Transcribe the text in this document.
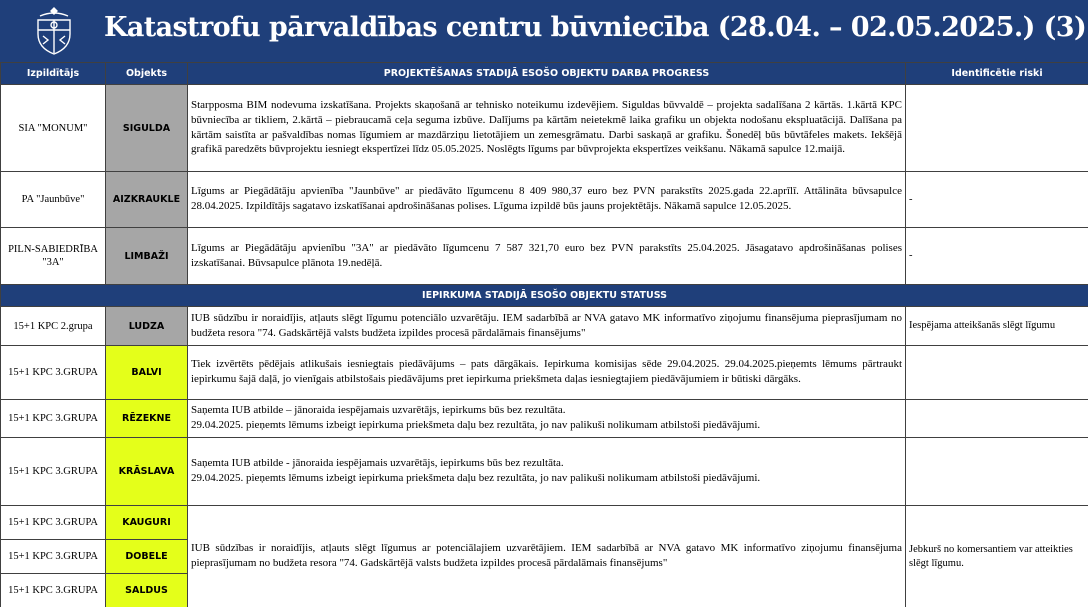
Katastrofu pārvaldības centru būvniecība (28.04. – 02.05.2025.) (3)
Izpildītājs	Objekts	PROJEKTĒŠANAS STADIJĀ ESOŠO OBJEKTU DARBA PROGRESS	Identificētie riski
SIA "MONUM"	SIGULDA	Starpposma BIM nodevuma izskatīšana. Projekts skaņošanā ar tehnisko noteikumu izdevējiem. Siguldas būvvaldē – projekta sadalīšana 2 kārtās. 1.kārtā KPC būvniecība ar tikliem, 2.kārtā – piebraucamā ceļa seguma izbūve. Dalījums pa kārtām neietekmē laika grafiku un objekta nodošanu ekspluatācijā. Dalīšana pa kārtām saistīta ar pašvaldības nomas līgumiem ar mazdārziņu lietotājiem un zemesgrāmatu. Darbi saskaņā ar grafiku. Šonedēļ būs būvtāfeles makets. Iekšējā grafikā paredzēts būvprojektu iesniegt ekspertīzei līdz 05.05.2025. Noslēgts līgums par būvprojekta ekspertīzes veikšanu. Nākamā sapulce 12.maijā.	
PA "Jaunbūve"	AIZKRAUKLE	Līgums ar Piegādātāju apvienība "Jaunbūve" ar piedāvāto līgumcenu 8 409 980,37 euro bez PVN parakstīts 2025.gada 22.aprīlī. Attālināta būvsapulce 28.04.2025. Izpildītājs sagatavo izskatīšanai apdrošināšanas polises. Līguma izpildē būs jauns projektētājs. Nākamā sapulce 12.05.2025.	-
PILN-SABIEDRĪBA "3A"	LIMBAŽI	Līgums ar Piegādātāju apvienību "3A" ar piedāvāto līgumcenu 7 587 321,70 euro bez PVN parakstīts 25.04.2025. Jāsagatavo apdrošināšanas polises izskatīšanai. Būvsapulce plānota 19.nedēļā.	-
IEPIRKUMA STADIJĀ ESOŠO OBJEKTU STATUSS			
15+1 KPC 2.grupa	LUDZA	IUB sūdzību ir noraidījis, atļauts slēgt līgumu potenciālo uzvarētāju. IEM sadarbībā ar NVA gatavo MK informatīvo ziņojumu finansējuma pieprasījumam no budžeta resora "74. Gadskārtējā valsts budžeta izpildes procesā pārdalāmais finansējums"	Iespējama atteikšanās slēgt līgumu
15+1 KPC 3.GRUPA	BALVI	Tiek izvērtēts pēdējais atlikušais iesniegtais piedāvājums – pats dārgākais. Iepirkuma komisijas sēde 29.04.2025. 29.04.2025.pieņemts lēmums pārtraukt iepirkumu šajā daļā, jo vienīgais atbilstošais piedāvājums pret iepirkuma priekšmeta daļas iesniegtajiem piedāvājumiem ir būtiski dārgāks.	
15+1 KPC 3.GRUPA	RĒZEKNE	Saņemta IUB atbilde – jānoraida iespējamais uzvarētājs, iepirkums būs bez rezultāta.
29.04.2025. pieņemts lēmums izbeigt iepirkuma priekšmeta daļu bez rezultāta, jo nav palikuši nolikumam atbilstoši piedāvājumi.	

15+1 KPC 3.GRUPA	KRĀSLAVA	Saņemta IUB atbilde - jānoraida iespējamais uzvarētājs, iepirkums būs bez rezultāta.
29.04.2025. pieņemts lēmums izbeigt iepirkuma priekšmeta daļu bez rezultāta, jo nav palikuši nolikumam atbilstoši piedāvājumi.	

15+1 KPC 3.GRUPA	KAUGURI	IUB sūdzības ir noraidījis, atļauts slēgt līgumus ar potenciālajiem uzvarētājiem. IEM sadarbībā ar NVA gatavo MK informatīvo ziņojumu finansējuma pieprasījumam no budžeta resora "74. Gadskārtējā valsts budžeta izpildes procesā pārdalāmais finansējums"	Jebkurš no komersantiem var atteikties slēgt līgumu.
15+1 KPC 3.GRUPA	DOBELE		
15+1 KPC 3.GRUPA	SALDUS		
